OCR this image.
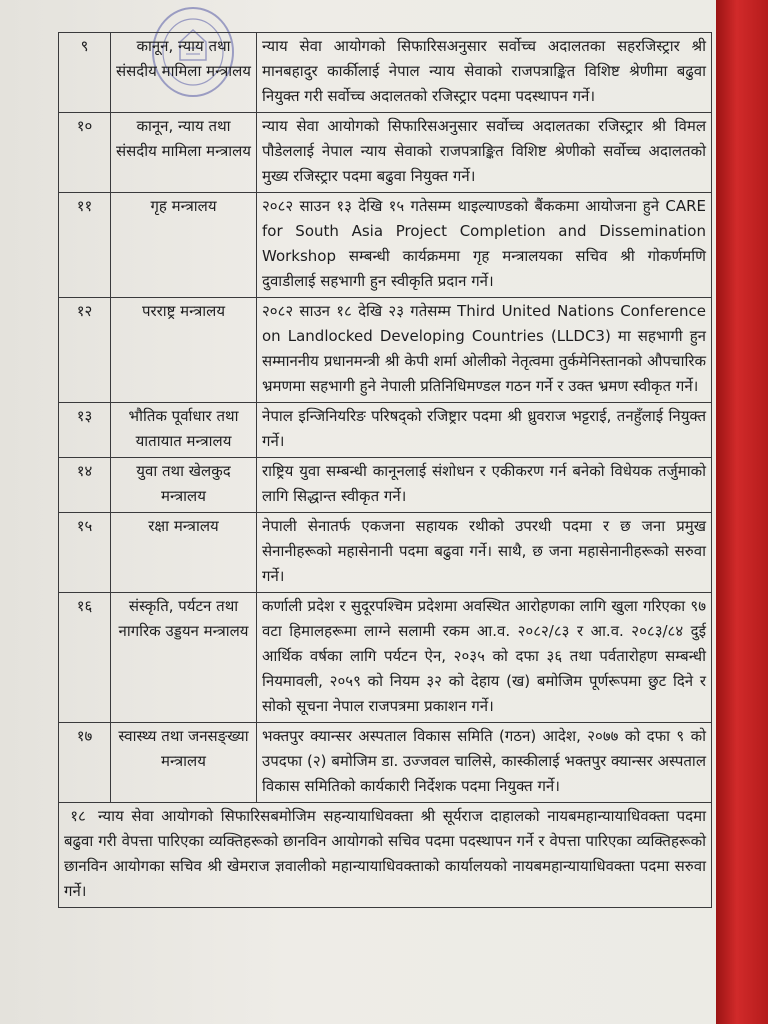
९	कानून, न्याय तथा संसदीय मामिला मन्त्रालय	न्याय सेवा आयोगको सिफारिसअनुसार सर्वोच्च अदालतका सहरजिस्ट्रार श्री मानबहादुर कार्कीलाई नेपाल न्याय सेवाको राजपत्राङ्कित विशिष्ट श्रेणीमा बढुवा नियुक्त गरी सर्वोच्च अदालतको रजिस्ट्रार पदमा पदस्थापन गर्ने।
१०	कानून, न्याय तथा संसदीय मामिला मन्त्रालय	न्याय सेवा आयोगको सिफारिसअनुसार सर्वोच्च अदालतका रजिस्ट्रार श्री विमल पौडेललाई नेपाल न्याय सेवाको राजपत्राङ्कित विशिष्ट श्रेणीको सर्वोच्च अदालतको मुख्य रजिस्ट्रार पदमा बढुवा नियुक्त गर्ने।
११	गृह मन्त्रालय	२०८२ साउन १३ देखि १५ गतेसम्म थाइल्याण्डको बैंककमा आयोजना हुने CARE for South Asia Project Completion and Dissemination Workshop सम्बन्धी कार्यक्रममा गृह मन्त्रालयका सचिव श्री गोकर्णमणि दुवाडीलाई सहभागी हुन स्वीकृति प्रदान गर्ने।
१२	परराष्ट्र मन्त्रालय	२०८२ साउन १८ देखि २३ गतेसम्म Third United Nations Conference on Landlocked Developing Countries (LLDC3) मा सहभागी हुन सम्माननीय प्रधानमन्त्री श्री केपी शर्मा ओलीको नेतृत्वमा तुर्कमेनिस्तानको औपचारिक भ्रमणमा सहभागी हुने नेपाली प्रतिनिधिमण्डल गठन गर्ने र उक्त भ्रमण स्वीकृत गर्ने।
१३	भौतिक पूर्वाधार तथा यातायात मन्त्रालय	नेपाल इन्जिनियरिङ परिषद्को रजिष्ट्रार पदमा श्री ध्रुवराज भट्टराई, तनहुँलाई नियुक्त गर्ने।
१४	युवा तथा खेलकुद मन्त्रालय	राष्ट्रिय युवा सम्बन्धी कानूनलाई संशोधन र एकीकरण गर्न बनेको विधेयक तर्जुमाको लागि सिद्धान्त स्वीकृत गर्ने।
१५	रक्षा मन्त्रालय	नेपाली सेनातर्फ एकजना सहायक रथीको उपरथी पदमा र छ जना प्रमुख सेनानीहरूको महासेनानी पदमा बढुवा गर्ने। साथै, छ जना महासेनानीहरूको सरुवा गर्ने।
१६	संस्कृति, पर्यटन तथा नागरिक उड्डयन मन्त्रालय	कर्णाली प्रदेश र सुदूरपश्चिम प्रदेशमा अवस्थित आरोहणका लागि खुला गरिएका ९७ वटा हिमालहरूमा लाग्ने सलामी रकम आ.व. २०८२/८३ र आ.व. २०८३/८४ दुई आर्थिक वर्षका लागि पर्यटन ऐन, २०३५ को दफा ३६ तथा पर्वतारोहण सम्बन्धी नियमावली, २०५९ को नियम ३२ को देहाय (ख) बमोजिम पूर्णरूपमा छुट दिने र सोको सूचना नेपाल राजपत्रमा प्रकाशन गर्ने।
१७	स्वास्थ्य तथा जनसङ्ख्या मन्त्रालय	भक्तपुर क्यान्सर अस्पताल विकास समिति (गठन) आदेश, २०७७ को दफा ९ को उपदफा (२) बमोजिम डा. उज्जवल चालिसे, कास्कीलाई भक्तपुर क्यान्सर अस्पताल विकास समितिको कार्यकारी निर्देशक पदमा नियुक्त गर्ने।
१८ न्याय सेवा आयोगको सिफारिसबमोजिम सहन्यायाधिवक्ता श्री सूर्यराज दाहालको नायबमहान्यायाधिवक्ता पदमा बढुवा गरी वेपत्ता पारिएका व्यक्तिहरूको छानविन आयोगको सचिव पदमा पदस्थापन गर्ने र वेपत्ता पारिएका व्यक्तिहरूको छानविन आयोगका सचिव श्री खेमराज ज्ञवालीको महान्यायाधिवक्ताको कार्यालयको नायबमहान्यायाधिवक्ता पदमा सरुवा गर्ने।		
